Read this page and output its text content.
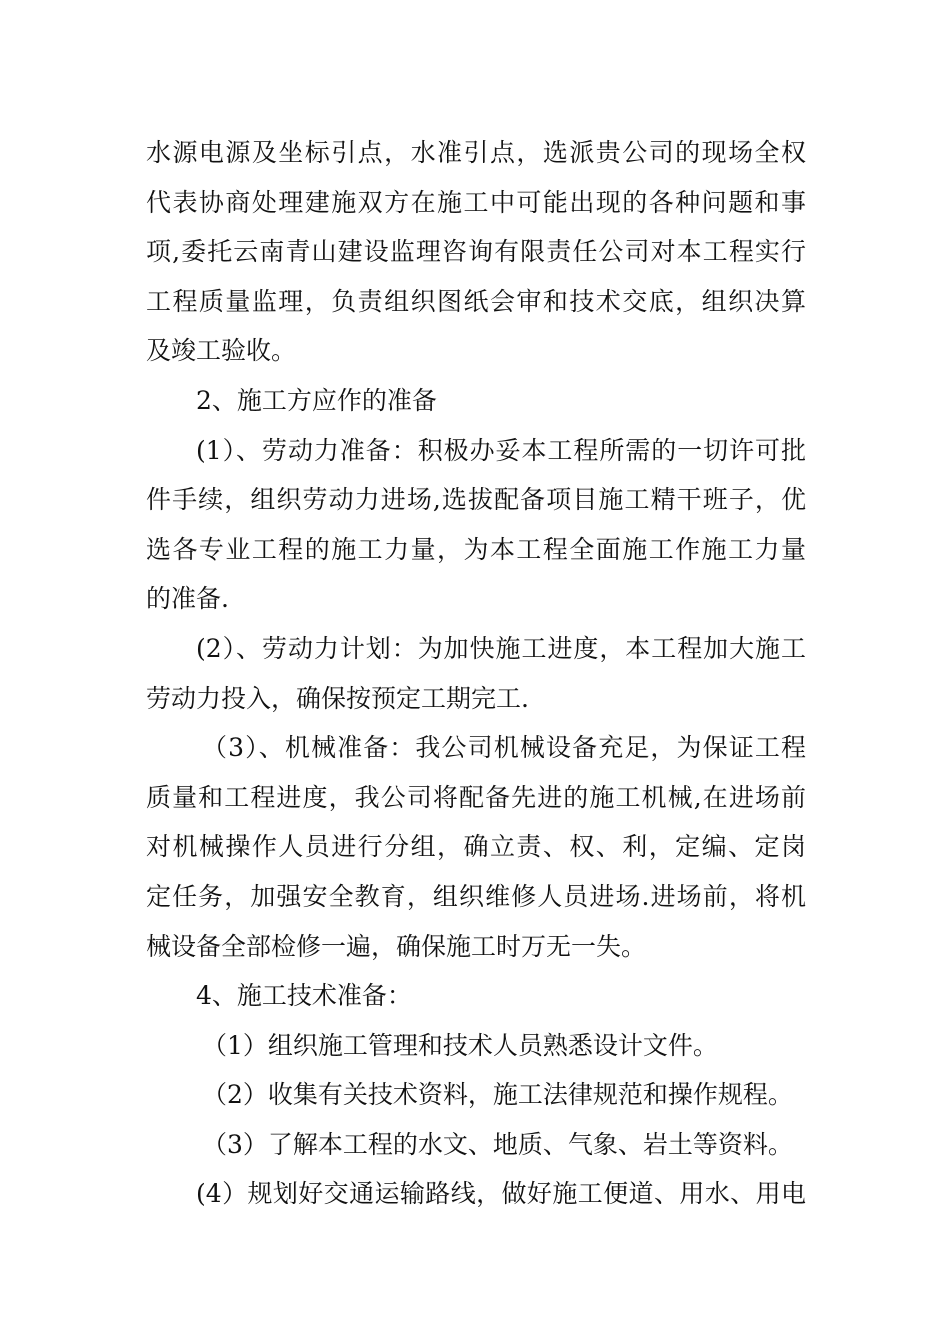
水源电源及坐标引点，水准引点，选派贵公司的现场全权
代表协商处理建施双方在施工中可能出现的各种问题和事
项,委托云南青山建设监理咨询有限责任公司对本工程实行
工程质量监理，负责组织图纸会审和技术交底，组织决算
及竣工验收。
2、施工方应作的准备
(1）、劳动力准备：积极办妥本工程所需的一切许可批
件手续，组织劳动力进场,选拔配备项目施工精干班子，优
选各专业工程的施工力量，为本工程全面施工作施工力量
的准备.
(2）、劳动力计划：为加快施工进度，本工程加大施工
劳动力投入，确保按预定工期完工.
（3）、机械准备：我公司机械设备充足，为保证工程
质量和工程进度，我公司将配备先进的施工机械,在进场前
对机械操作人员进行分组，确立责、权、利，定编、定岗
定任务，加强安全教育，组织维修人员进场.进场前，将机
械设备全部检修一遍，确保施工时万无一失。
4、施工技术准备：
（1）组织施工管理和技术人员熟悉设计文件。
（2）收集有关技术资料，施工法律规范和操作规程。
（3）了解本工程的水文、地质、气象、岩土等资料。
(4）规划好交通运输路线，做好施工便道、用水、用电
